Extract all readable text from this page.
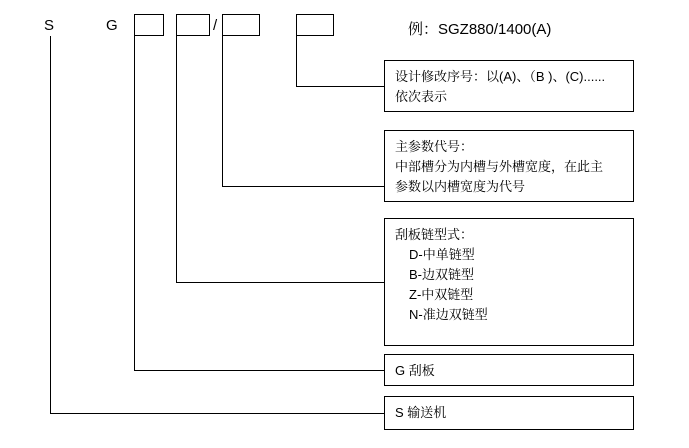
S	G	/	例：SGZ880/1400(A)
设计修改序号：以(A)、（B )、(C)......
依次表示
主参数代号：
中部槽分为内槽与外槽宽度，在此主
参数以内槽宽度为代号
刮板链型式：
D-中单链型
B-边双链型
Z-中双链型
N-准边双链型
G 刮板
S 输送机
